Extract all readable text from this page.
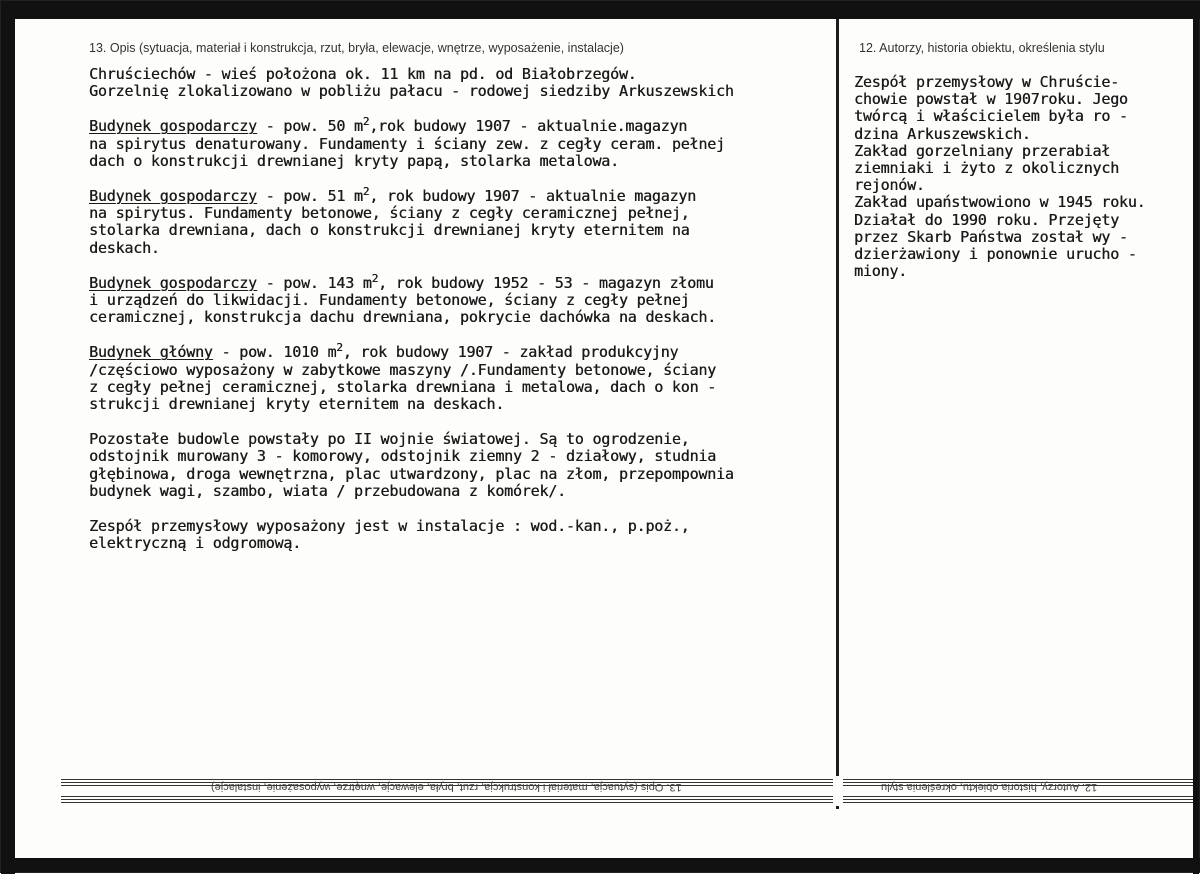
13. Opis (sytuacja, materiał i konstrukcja, rzut, bryła, elewacje, wnętrze, wyposażenie, instalacje)	12. Autorzy, historia obiektu, określenia stylu
Chruściechów - wieś położona ok. 11 km na pd. od Białobrzegów.
Gorzelnię zlokalizowano w pobliżu pałacu - rodowej siedziby Arkuszewskich
Budynek gospodarczy - pow. 50 $m^2,rok$ budowy 1907 - aktualnie.magazyn
na spirytus denaturowany. Fundamenty i ściany zew. z cegły ceram. pełnej
dach o konstrukcji drewnianej kryty papą, stolarka metalowa.
Budynek gospodarczy - pow. 51 $m^2$, rok budowy 1907 - aktualnie magazyn
na spirytus. Fundamenty betonowe, ściany z cegły ceramicznej pełnej,
stolarka drewniana, dach o konstrukcji drewnianej kryty eternitem na
deskach.
Budynek gospodarczy - pow. 143 $m^2$, rok budowy 1952 - 53 - magazyn złomu
i urządzeń do likwidacji. Fundamenty betonowe, ściany z cegły pełnej
ceramicznej, konstrukcja dachu drewniana, pokrycie dachówka na deskach.
Budynek główny - pow. 1010 $m^2$, rok budowy 1907 - zakład produkcyjny
/częściowo wyposażony w zabytkowe maszyny /.Fundamenty betonowe, ściany
z cegły pełnej ceramicznej, stolarka drewniana i metalowa, dach o kon -
strukcji drewnianej kryty eternitem na deskach.
Pozostałe budowle powstały po II wojnie światowej. Są to ogrodzenie,
odstojnik murowany 3 - komorowy, odstojnik ziemny 2 - działowy, studnia
głębinowa, droga wewnętrzna, plac utwardzony, plac na złom, przepompownia
budynek wagi, szambo, wiata / przebudowana z komórek/.
Zespół przemysłowy wyposażony jest w instalacje : wod.-kan., p.poż.,
elektryczną i odgromową.
Zespół przemysłowy w Chruście-
chowie powstał w 1907roku. Jego
twórcą i właścicielem była ro -
dzina Arkuszewskich.
Zakład gorzelniany przerabiał
ziemniaki i żyto z okolicznych
rejonów.
Zakład upaństwowiono w 1945 roku.
Działał do 1990 roku. Przejęty
przez Skarb Państwa został wy -
dzierżawiony i ponownie urucho -
miony.
13. Opis (sytuacja, materiał i konstrukcja, rzut, bryła, elewacje, wnętrze, wyposażenie, instalacje)	12. Autorzy, historia obiektu, określenia stylu
